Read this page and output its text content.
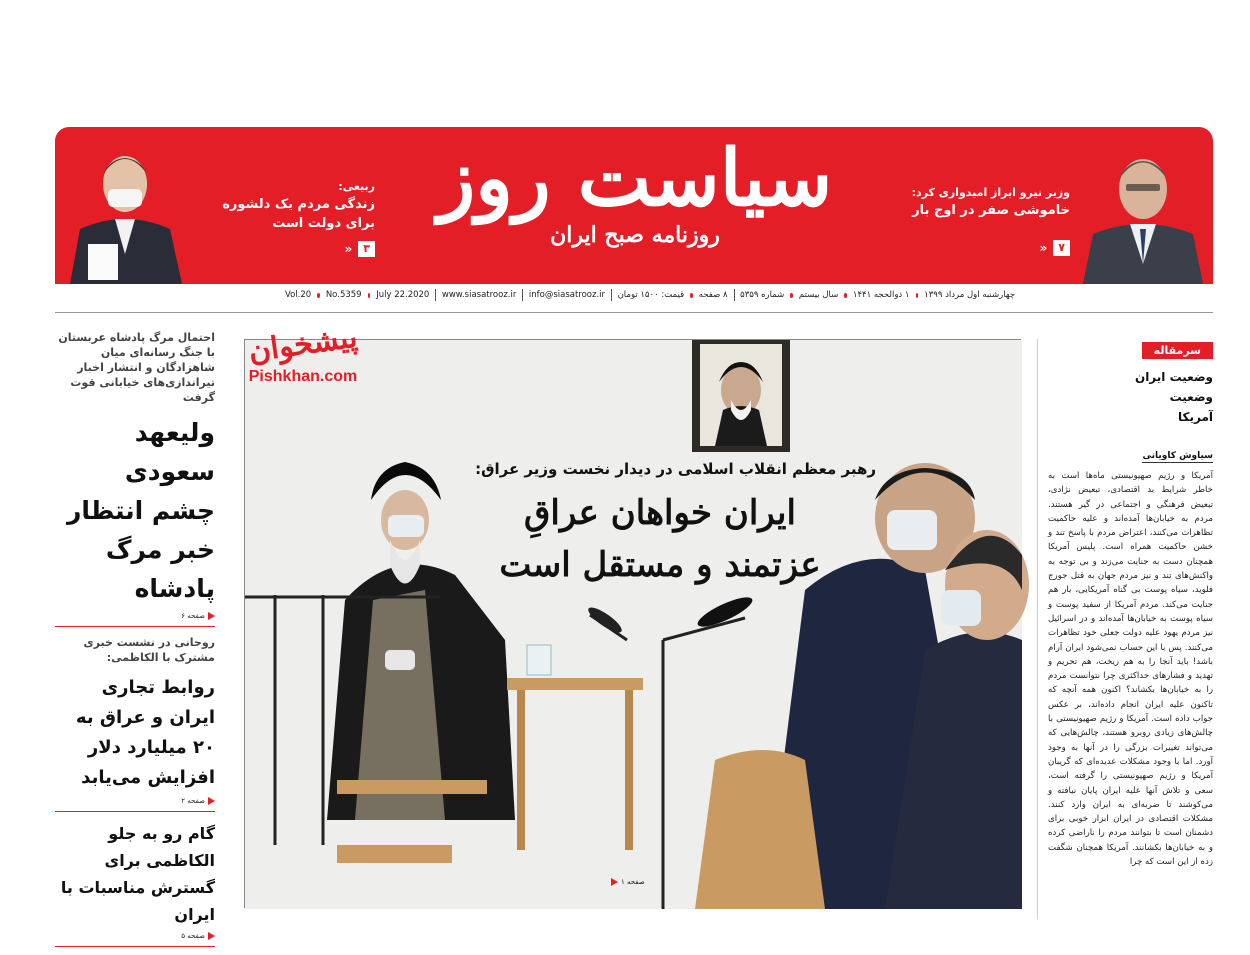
ربیعی:
زندگی مردم یک دلشوره برای دولت است
۳
«
سیاست روز
روزنامه صبح ایران
وزیر نیرو ابراز امیدواری کرد:
خاموشی صفر در اوج بار
۷
«
چهارشنبه اول مرداد ۱۳۹۹
۱ ذوالحجه ۱۴۴۱
سال بیستم
شماره ۵۳۵۹
۸ صفحه
قیمت: ۱۵۰۰ تومان
info@siasatrooz.ir
www.siasatrooz.ir
July 22.2020
No.5359
Vol.20
احتمال مرگ پادشاه عربستان با جنگ رسانه‌ای میان شاهزادگان و انتشار اخبار تیراندازی‌های خیابانی قوت گرفت
ولیعهد سعودی چشم انتظار خبر مرگ پادشاه
صفحه ۶
روحانی در نشست خبری مشترک با الکاظمی:
روابط تجاری ایران و عراق به ۲۰ میلیارد دلار افزایش می‌یابد
صفحه ۲
گام رو به جلو الکاظمی برای گسترش مناسبات با ایران
صفحه ۵
رهبر معظم انقلاب اسلامی در دیدار نخست وزیر عراق:
ایران خواهان عراقِ عزتمند و مستقل است
صفحه ۱
پیشخوان
Pishkhan.com
سرمقاله
وضعیت ایران وضعیت آمریکا
سیاوش کاویانی
آمریکا و رژیم صهیونیستی ماه‌ها است به خاطر شرایط بد اقتصادی، تبعیض نژادی، تبعیض فرهنگی و اجتماعی در گیر هستند. مردم به خیابان‌ها آمده‌اند و علیه حاکمیت تظاهرات می‌کنند، اعتراض مردم با پاسخ تند و خشن حاکمیت همراه است. پلیس آمریکا همچنان دست به جنایت می‌زند و بی توجه به واکنش‌های تند و نیز مردم جهان به قتل جورج فلوید، سیاه پوست بی گناه آمریکایی، بار هم جنایت می‌کند. مردم آمریکا از سفید پوست و سیاه پوست به خیابان‌ها آمده‌اند و در اسرائیل نیز مردم یهود علیه دولت جعلی خود تظاهرات می‌کنند. پس با این حساب نمی‌شود ایران آرام باشد! باید آنجا را به هم ریخت، هم تحریم و تهدید و فشارهای حداکثری چرا نتوانست مردم را به خیابان‌ها بکشاند؟ اکنون همه آنچه که تاکنون علیه ایران انجام داده‌اند، بر عکس جواب داده است. آمریکا و رژیم صهیونیستی با چالش‌های زیادی روبرو هستند، چالش‌هایی که می‌تواند تغییرات بزرگی را در آنها به وجود آورد. اما با وجود مشکلات عدیده‌ای که گریبان آمریکا و رژیم صهیونیستی را گرفته است، سعی و تلاش آنها علیه ایران پایان نیافته و می‌کوشند تا ضربه‌ای به ایران وارد کنند. مشکلات اقتصادی در ایران ابزار خوبی برای دشمنان است تا بتوانند مردم را ناراضی کرده و به خیابان‌ها بکشانند. آمریکا همچنان شگفت زده از این است که چرا
